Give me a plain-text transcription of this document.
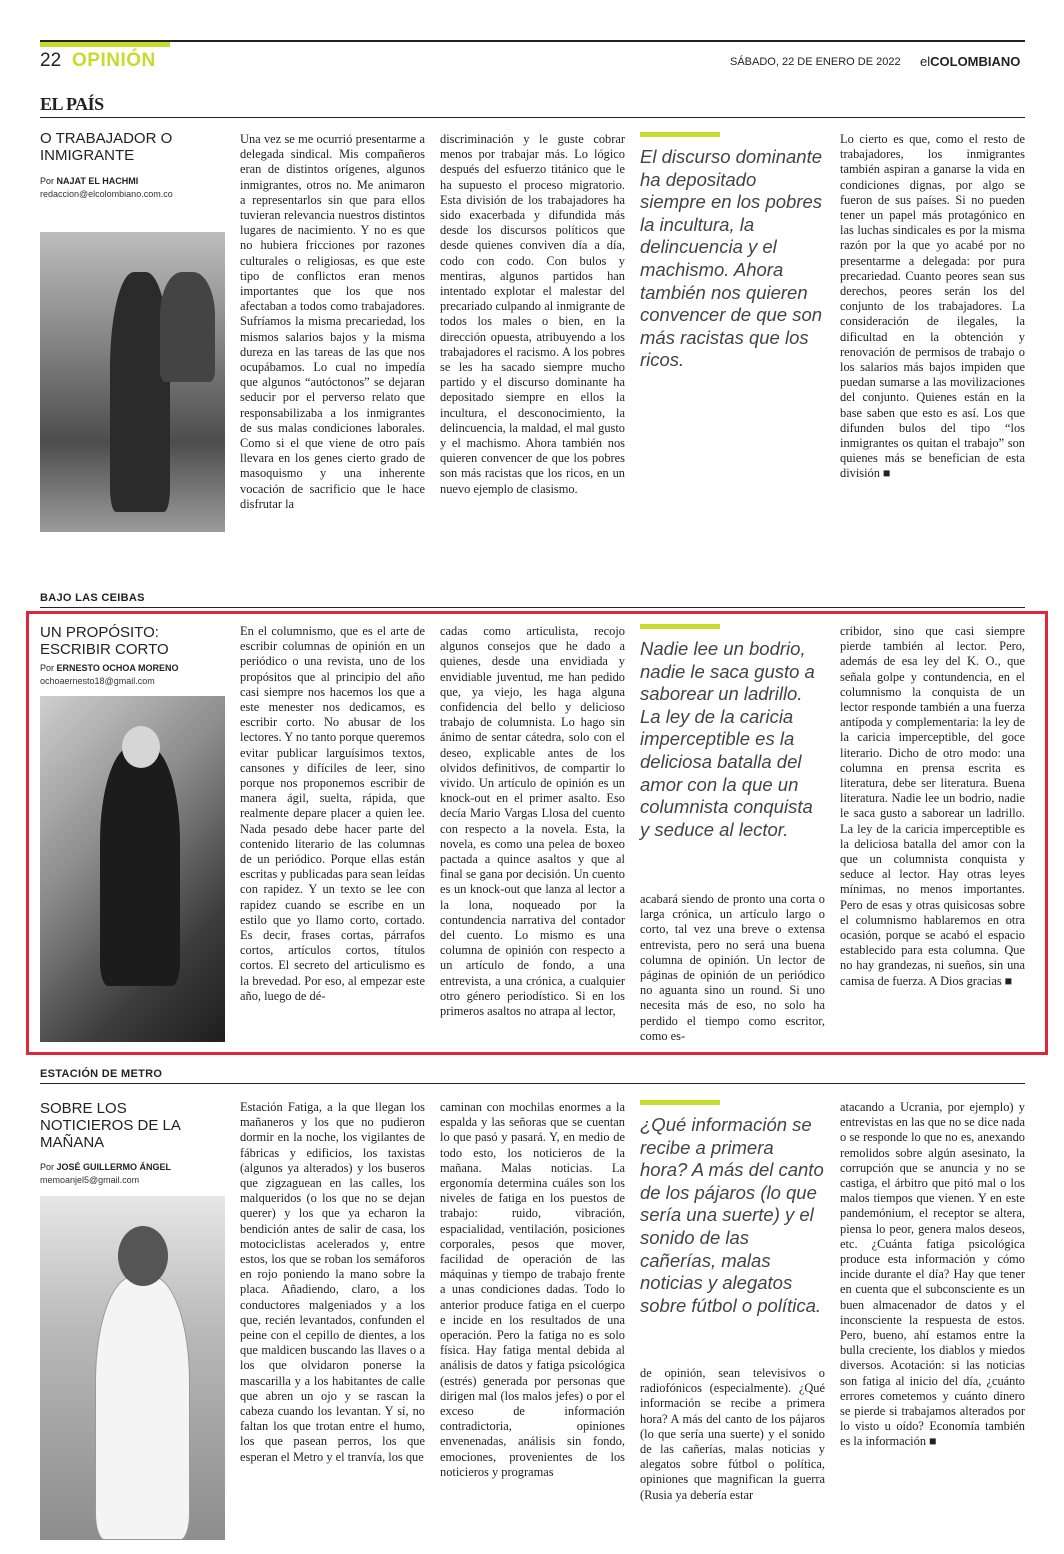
22 OPINIÓN	SÁBADO, 22 DE ENERO DE 2022 elCOLOMBIANO
EL PAÍS
O TRABAJADOR O INMIGRANTE
Por NAJAT EL HACHMI
redaccion@elcolombiano.com.co
Una vez se me ocurrió presentarme a delegada sindical. Mis compañeros eran de distintos orígenes, algunos inmigrantes, otros no. Me animaron a representarlos sin que para ellos tuvieran relevancia nuestros distintos lugares de nacimiento. Y no es que no hubiera fricciones por razones culturales o religiosas, es que este tipo de conflictos eran menos importantes que los que nos afectaban a todos como trabajadores. Sufríamos la misma precariedad, los mismos salarios bajos y la misma dureza en las tareas de las que nos ocupábamos. Lo cual no impedía que algunos “autóctonos” se dejaran seducir por el perverso relato que responsabilizaba a los inmigrantes de sus malas condiciones laborales. Como si el que viene de otro país llevara en los genes cierto grado de masoquismo y una inherente vocación de sacrificio que le hace disfrutar la
discriminación y le guste cobrar menos por trabajar más. Lo lógico después del esfuerzo titánico que le ha supuesto el proceso migratorio. Esta división de los trabajadores ha sido exacerbada y difundida más desde los discursos políticos que desde quienes conviven día a día, codo con codo. Con bulos y mentiras, algunos partidos han intentado explotar el malestar del precariado culpando al inmigrante de todos los males o bien, en la dirección opuesta, atribuyendo a los trabajadores el racismo. A los pobres se les ha sacado siempre mucho partido y el discurso dominante ha depositado siempre en ellos la incultura, el desconocimiento, la delincuencia, la maldad, el mal gusto y el machismo. Ahora también nos quieren convencer de que los pobres son más racistas que los ricos, en un nuevo ejemplo de clasismo.
El discurso dominante ha depositado siempre en los pobres la incultura, la delincuencia y el machismo. Ahora también nos quieren convencer de que son más racistas que los ricos.
Lo cierto es que, como el resto de trabajadores, los inmigrantes también aspiran a ganarse la vida en condiciones dignas, por algo se fueron de sus países. Si no pueden tener un papel más protagónico en las luchas sindicales es por la misma razón por la que yo acabé por no presentarme a delegada: por pura precariedad. Cuanto peores sean sus derechos, peores serán los del conjunto de los trabajadores. La consideración de ilegales, la dificultad en la obtención y renovación de permisos de trabajo o los salarios más bajos impiden que puedan sumarse a las movilizaciones del conjunto. Quienes están en la base saben que esto es así. Los que difunden bulos del tipo “los inmigrantes os quitan el trabajo” son quienes más se benefician de esta división ■
BAJO LAS CEIBAS
UN PROPÓSITO: ESCRIBIR CORTO
Por ERNESTO OCHOA MORENO
ochoaernesto18@gmail.com
En el columnismo, que es el arte de escribir columnas de opinión en un periódico o una revista, uno de los propósitos que al principio del año casi siempre nos hacemos los que a este menester nos dedicamos, es escribir corto. No abusar de los lectores. Y no tanto porque queremos evitar publicar larguísimos textos, cansones y difíciles de leer, sino porque nos proponemos escribir de manera ágil, suelta, rápida, que realmente depare placer a quien lee. Nada pesado debe hacer parte del contenido literario de las columnas de un periódico. Porque ellas están escritas y publicadas para sean leídas con rapidez. Y un texto se lee con rapidez cuando se escribe en un estilo que yo llamo corto, cortado. Es decir, frases cortas, párrafos cortos, artículos cortos, títulos cortos. El secreto del articulismo es la brevedad. Por eso, al empezar este año, luego de dé-
cadas como articulista, recojo algunos consejos que he dado a quienes, desde una envidiada y envidiable juventud, me han pedido que, ya viejo, les haga alguna confidencia del bello y delicioso trabajo de columnista. Lo hago sin ánimo de sentar cátedra, solo con el deseo, explicable antes de los olvidos definitivos, de compartir lo vivido. Un artículo de opinión es un knock-out en el primer asalto. Eso decía Mario Vargas Llosa del cuento con respecto a la novela. Esta, la novela, es como una pelea de boxeo pactada a quince asaltos y que al final se gana por decisión. Un cuento es un knock-out que lanza al lector a la lona, noqueado por la contundencia narrativa del contador del cuento. Lo mismo es una columna de opinión con respecto a un artículo de fondo, a una entrevista, a una crónica, a cualquier otro género periodístico. Si en los primeros asaltos no atrapa al lector,
Nadie lee un bodrio, nadie le saca gusto a saborear un ladrillo. La ley de la caricia imperceptible es la deliciosa batalla del amor con la que un columnista conquista y seduce al lector.
acabará siendo de pronto una corta o larga crónica, un artículo largo o corto, tal vez una breve o extensa entrevista, pero no será una buena columna de opinión. Un lector de páginas de opinión de un periódico no aguanta sino un round. Si uno necesita más de eso, no solo ha perdido el tiempo como escritor, como es-
cribidor, sino que casi siempre pierde también al lector. Pero, además de esa ley del K. O., que señala golpe y contundencia, en el columnismo la conquista de un lector responde también a una fuerza antípoda y complementaria: la ley de la caricia imperceptible, del goce literario. Dicho de otro modo: una columna en prensa escrita es literatura, debe ser literatura. Buena literatura. Nadie lee un bodrio, nadie le saca gusto a saborear un ladrillo. La ley de la caricia imperceptible es la deliciosa batalla del amor con la que un columnista conquista y seduce al lector. Hay otras leyes mínimas, no menos importantes. Pero de esas y otras quisicosas sobre el columnismo hablaremos en otra ocasión, porque se acabó el espacio establecido para esta columna. Que no hay grandezas, ni sueños, sin una camisa de fuerza. A Dios gracias ■
ESTACIÓN DE METRO
SOBRE LOS NOTICIEROS DE LA MAÑANA
Por JOSÉ GUILLERMO ÁNGEL
memoanjel5@gmail.com
Estación Fatiga, a la que llegan los mañaneros y los que no pudieron dormir en la noche, los vigilantes de fábricas y edificios, los taxistas (algunos ya alterados) y los buseros que zigzaguean en las calles, los malqueridos (o los que no se dejan querer) y los que ya echaron la bendición antes de salir de casa, los motociclistas acelerados y, entre estos, los que se roban los semáforos en rojo poniendo la mano sobre la placa. Añadiendo, claro, a los conductores malgeniados y a los que, recién levantados, confunden el peine con el cepillo de dientes, a los que maldicen buscando las llaves o a los que olvidaron ponerse la mascarilla y a los habitantes de calle que abren un ojo y se rascan la cabeza cuando los levantan. Y sí, no faltan los que trotan entre el humo, los que pasean perros, los que esperan el Metro y el tranvía, los que
caminan con mochilas enormes a la espalda y las señoras que se cuentan lo que pasó y pasará. Y, en medio de todo esto, los noticieros de la mañana. Malas noticias. La ergonomía determina cuáles son los niveles de fatiga en los puestos de trabajo: ruido, vibración, espacialidad, ventilación, posiciones corporales, pesos que mover, facilidad de operación de las máquinas y tiempo de trabajo frente a unas condiciones dadas. Todo lo anterior produce fatiga en el cuerpo e incide en los resultados de una operación. Pero la fatiga no es solo física. Hay fatiga mental debida al análisis de datos y fatiga psicológica (estrés) generada por personas que dirigen mal (los malos jefes) o por el exceso de información contradictoria, opiniones envenenadas, análisis sin fondo, emociones, provenientes de los noticieros y programas
¿Qué información se recibe a primera hora? A más del canto de los pájaros (lo que sería una suerte) y el sonido de las cañerías, malas noticias y alegatos sobre fútbol o política.
de opinión, sean televisivos o radiofónicos (especialmente). ¿Qué información se recibe a primera hora? A más del canto de los pájaros (lo que sería una suerte) y el sonido de las cañerías, malas noticias y alegatos sobre fútbol o política, opiniones que magnifican la guerra (Rusia ya debería estar
atacando a Ucrania, por ejemplo) y entrevistas en las que no se dice nada o se responde lo que no es, anexando remolidos sobre algún asesinato, la corrupción que se anuncia y no se castiga, el árbitro que pitó mal o los malos tiempos que vienen. Y en este pandemónium, el receptor se altera, piensa lo peor, genera malos deseos, etc. ¿Cuánta fatiga psicológica produce esta información y cómo incide durante el día? Hay que tener en cuenta que el subconsciente es un buen almacenador de datos y el inconsciente la respuesta de estos. Pero, bueno, ahí estamos entre la bulla creciente, los diablos y miedos diversos. Acotación: si las noticias son fatiga al inicio del día, ¿cuánto errores cometemos y cuánto dinero se pierde si trabajamos alterados por lo visto u oído? Economía también es la información ■
